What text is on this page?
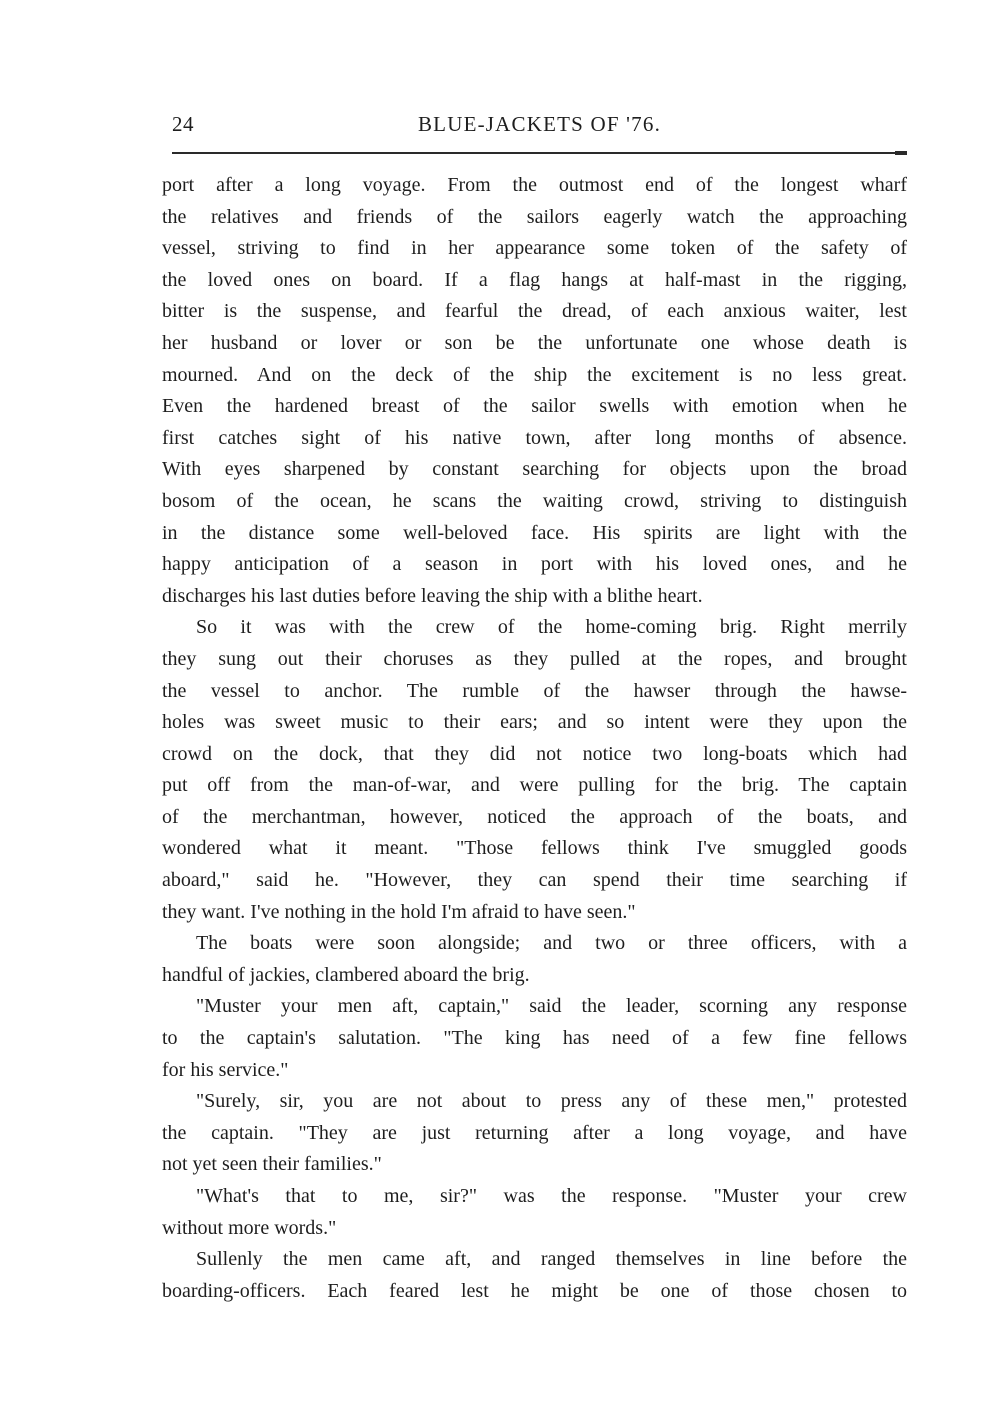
24	BLUE-JACKETS OF '76.
port after a long voyage. From the outmost end of the longest wharf
the relatives and friends of the sailors eagerly watch the approaching
vessel, striving to find in her appearance some token of the safety of
the loved ones on board. If a flag hangs at half-mast in the rigging,
bitter is the suspense, and fearful the dread, of each anxious waiter, lest
her husband or lover or son be the unfortunate one whose death is
mourned. And on the deck of the ship the excitement is no less great.
Even the hardened breast of the sailor swells with emotion when he
first catches sight of his native town, after long months of absence.
With eyes sharpened by constant searching for objects upon the broad
bosom of the ocean, he scans the waiting crowd, striving to distinguish
in the distance some well-beloved face. His spirits are light with the
happy anticipation of a season in port with his loved ones, and he
discharges his last duties before leaving the ship with a blithe heart.
So it was with the crew of the home-coming brig. Right merrily
they sung out their choruses as they pulled at the ropes, and brought
the vessel to anchor. The rumble of the hawser through the hawse-
holes was sweet music to their ears; and so intent were they upon the
crowd on the dock, that they did not notice two long-boats which had
put off from the man-of-war, and were pulling for the brig. The captain
of the merchantman, however, noticed the approach of the boats, and
wondered what it meant. "Those fellows think I've smuggled goods
aboard," said he. "However, they can spend their time searching if
they want. I've nothing in the hold I'm afraid to have seen."
The boats were soon alongside; and two or three officers, with a
handful of jackies, clambered aboard the brig.
"Muster your men aft, captain," said the leader, scorning any response
to the captain's salutation. "The king has need of a few fine fellows
for his service."
"Surely, sir, you are not about to press any of these men," protested
the captain. "They are just returning after a long voyage, and have
not yet seen their families."
"What's that to me, sir?" was the response. "Muster your crew
without more words."
Sullenly the men came aft, and ranged themselves in line before the
boarding-officers. Each feared lest he might be one of those chosen to
